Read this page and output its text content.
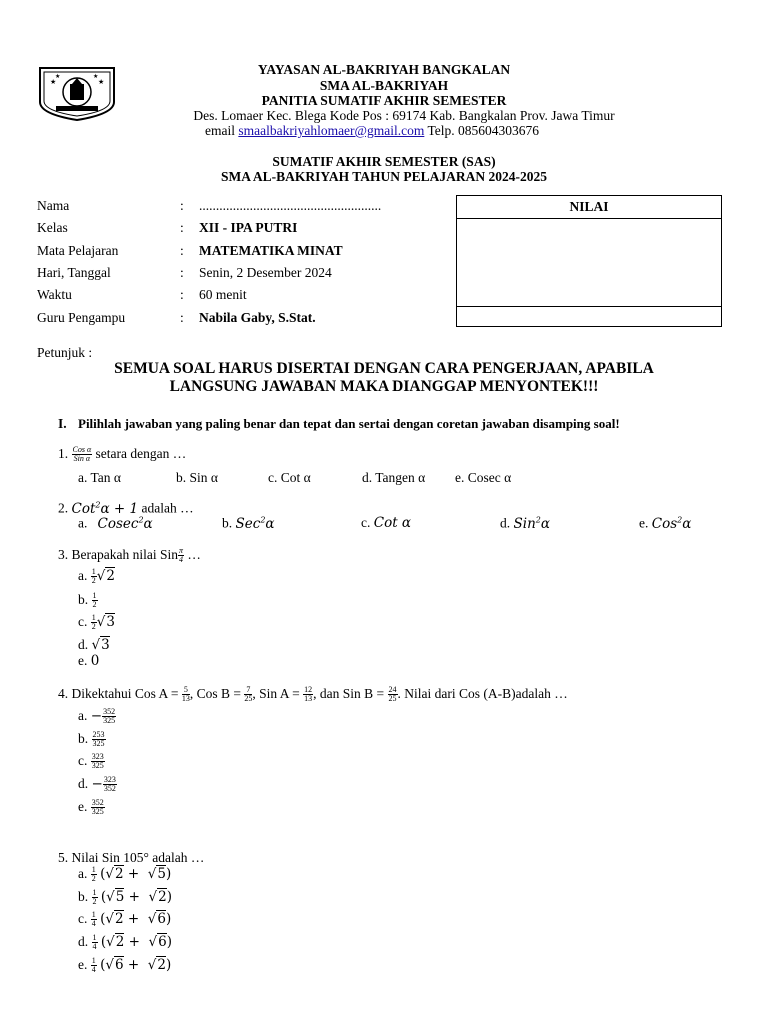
★	★
★	★	YAYASAN AL-BAKRIYAH BANGKALAN
SMA AL-BAKRIYAH
PANITIA SUMATIF AKHIR SEMESTER
Des. Lomaer Kec. Blega Kode Pos : 69174 Kab. Bangkalan Prov. Jawa Timur
email smaalbakriyahlomaer@gmail.com Telp. 085604303676
SUMATIF AKHIR SEMESTER (SAS)
SMA AL-BAKRIYAH TAHUN PELAJARAN 2024-2025
Nama	: ......................................................
Kelas	: XII - IPA PUTRI
Mata Pelajaran	: MATEMATIKA MINAT
Hari, Tanggal	: Senin, 2 Desember 2024
Waktu	: 60 menit
Guru Pengampu	: Nabila Gaby, S.Stat.
NILAI
Petunjuk :
SEMUA SOAL HARUS DISERTAI DENGAN CARA PENGERJAAN, APABILA
LANGSUNG JAWABAN MAKA DIANGGAP MENYONTEK!!!
I. Pilihlah jawaban yang paling benar dan tepat dan sertai dengan coretan jawaban disamping soal!
1. $\frac{\text{Cos α}}{\text{Sin α}}$ setara dengan …
a. Tan α	b. Sin α	c. Cot α	d. Tangen α e. Cosec α
2. Cot$^2$α + 1 adalah …
a. Cosec$^2$α	b. Sec$^2$α	c. Cot α	d. Sin$^2$α	e. Cos$^2$α
3. Berapakah nilai Sin $\frac{\pi}{4}$ …
a. $\frac{1}{2} √2$
b. $\frac{1}{2}$
c. $\frac{1}{2} √3$
d. √3
e. 0
4. Dikektahui Cos $A = \frac{5}{13}$ , Cos $B = \frac{7}{25}$ , Sin $A = \frac{12}{13}$ , dan Sin $B = \frac{24}{25}$ . Nilai dari Cos (A-B)adalah …
a. − $\frac{352}{325}$
b. $\frac{253}{325}$
c. $\frac{323}{325}$
d. − $\frac{323}{352}$
e. $\frac{352}{325}$
5. Nilai Sin 105° adalah …
a. $\frac{1}{2} (√2 + √5)$
b. $\frac{1}{2} (√5 + √2)$
c. $\frac{1}{4} (√2 + √6)$
d. $\frac{1}{4} (√2 + √6)$
e. $\frac{1}{4} (√6 + √2)$
